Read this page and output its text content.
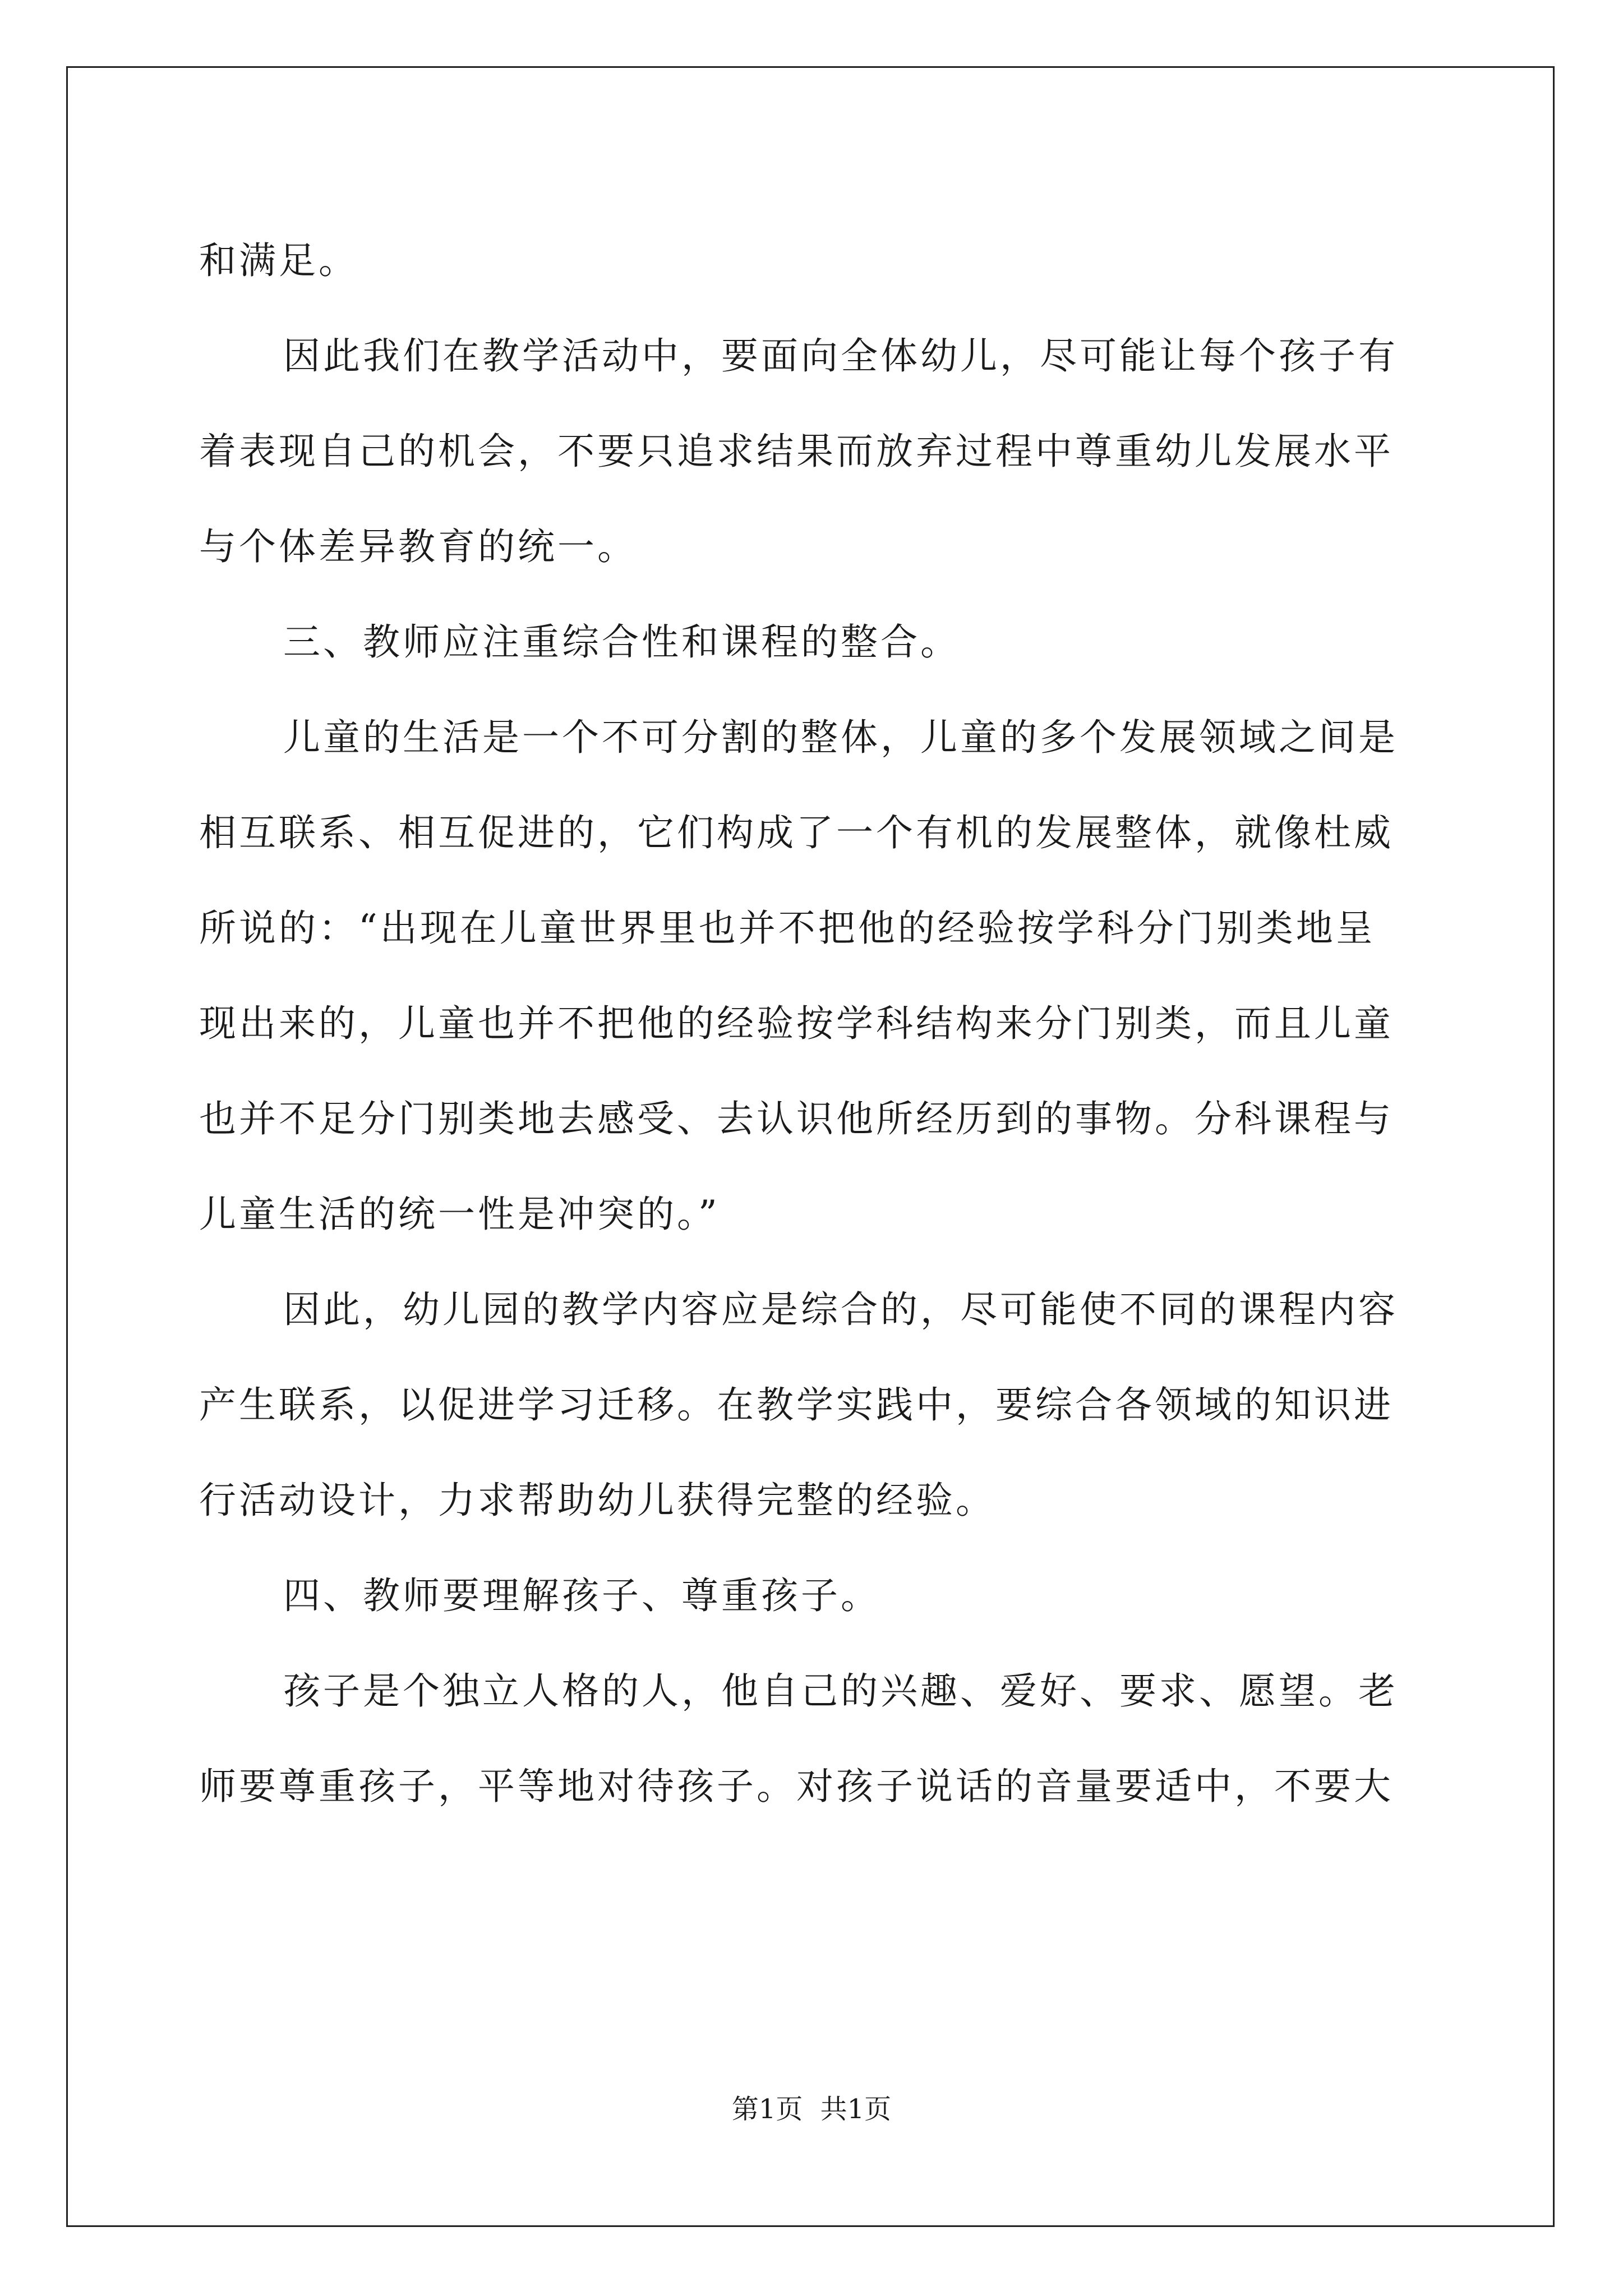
和满足。
因此我们在教学活动中，要面向全体幼儿，尽可能让每个孩子有
着表现自己的机会，不要只追求结果而放弃过程中尊重幼儿发展水平
与个体差异教育的统一。
三、教师应注重综合性和课程的整合。
儿童的生活是一个不可分割的整体，儿童的多个发展领域之间是
相互联系、相互促进的，它们构成了一个有机的发展整体，就像杜威
所说的：“出现在儿童世界里也并不把他的经验按学科分门别类地呈
现出来的，儿童也并不把他的经验按学科结构来分门别类，而且儿童
也并不足分门别类地去感受、去认识他所经历到的事物。分科课程与
儿童生活的统一性是冲突的。”
因此，幼儿园的教学内容应是综合的，尽可能使不同的课程内容
产生联系，以促进学习迁移。在教学实践中，要综合各领域的知识进
行活动设计，力求帮助幼儿获得完整的经验。
四、教师要理解孩子、尊重孩子。
孩子是个独立人格的人，他自己的兴趣、爱好、要求、愿望。老
师要尊重孩子，平等地对待孩子。对孩子说话的音量要适中，不要大
第1页 共1页
